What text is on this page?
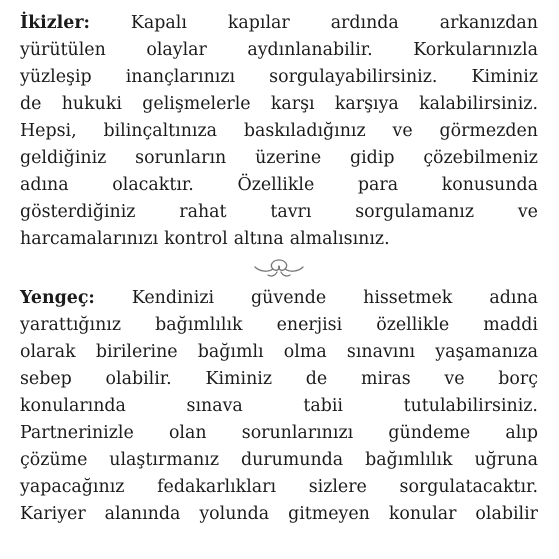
İkizler: Kapalı kapılar ardında arkanızdan
yürütülen olaylar aydınlanabilir. Korkularınızla
yüzleşip inançlarınızı sorgulayabilirsiniz. Kiminiz
de hukuki gelişmelerle karşı karşıya kalabilirsiniz.
Hepsi, bilinçaltınıza baskıladığınız ve görmezden
geldiğiniz sorunların üzerine gidip çözebilmeniz
adına	olacaktır.	Özellikle	para	konusunda
gösterdiğiniz	rahat	tavrı	sorgulamanız	ve
harcamalarınızı kontrol altına almalısınız.
Yengeç: Kendinizi güvende hissetmek adına
yarattığınız bağımlılık enerjisi özellikle maddi
olarak birilerine bağımlı olma sınavını yaşamanıza
sebep olabilir. Kiminiz de miras ve borç
konularında	sınava	tabii	tutulabilirsiniz.
Partnerinizle olan sorunlarınızı gündeme alıp
çözüme ulaştırmanız durumunda bağımlılık uğruna
yapacağınız fedakarlıkları sizlere sorgulatacaktır.
Kariyer alanında yolunda gitmeyen konular olabilir
